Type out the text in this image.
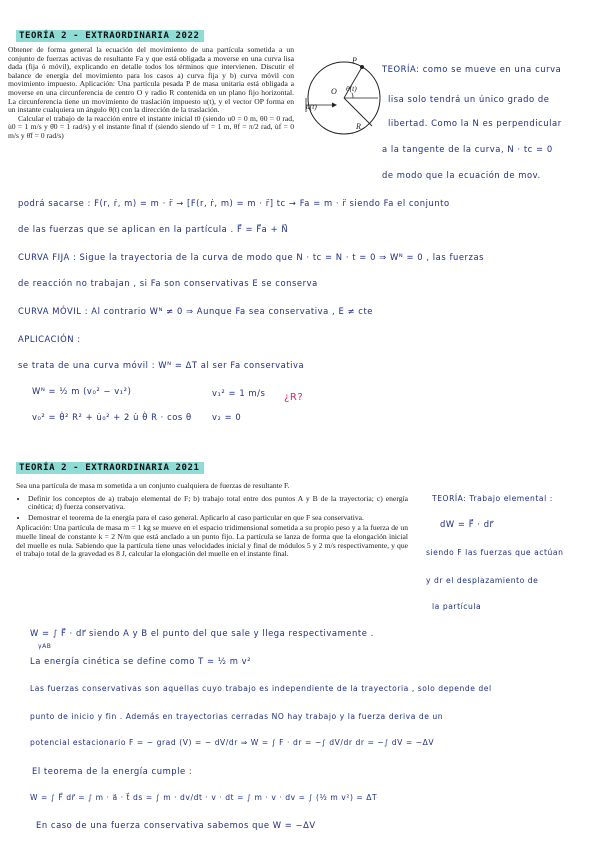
TEORÍA 2 - EXTRAORDINARIA 2022
Obtener de forma general la ecuación del movimiento de una partícula sometida a un conjunto de fuerzas activas de resultante Fa y que está obligada a moverse en una curva lisa dada (fija ó móvil), explicando en detalle todos los términos que intervienen. Discutir el balance de energía del movimiento para los casos a) curva fija y b) curva móvil con movimiento impuesto. Aplicación: Una partícula pesada P de masa unitaria está obligada a moverse en una circunferencia de centro O y radio R contenida en un plano fijo horizontal. La circunferencia tiene un movimiento de traslación impuesto u(t), y el vector OP forma en un instante cualquiera un ángulo θ(t) con la dirección de la traslación.
Calcular el trabajo de la reacción entre el instante inicial t0 (siendo u0 = 0 m, θ0 = 0 rad, u̇0 = 1 m/s y θ̇0 = 1 rad/s) y el instante final tf (siendo siendo uf = 1 m, θf = π/2 rad, u̇f = 0 m/s y θ̇f = 0 rad/s)
P
O θ(t)
u(t)
R
TEORÍA: como se mueve en una curva
lisa solo tendrá un único grado de
libertad. Como la N es perpendicular
a la tangente de la curva, N · tc = 0
de modo que la ecuación de mov.
podrá sacarse : F(r, ṙ, m) = m · r̈ → [F(r, ṙ, m) = m · r̈] tc → Fa = m · r̈ siendo Fa el conjunto
de las fuerzas que se aplican en la partícula . F⃗ = F⃗a + N⃗
CURVA FIJA : Sigue la trayectoria de la curva de modo que N · tc = N · t = 0 ⇒ Wᴺ = 0 , las fuerzas
de reacción no trabajan , si Fa son conservativas E se conserva
CURVA MÓVIL : Al contrario Wᴺ ≠ 0 ⇒ Aunque Fa sea conservativa , E ≠ cte
APLICACIÓN :
se trata de una curva móvil : Wᴺ = ΔT al ser Fa conservativa
Wᴺ = ½ m (v₀² − v₁²)	v₁² = 1 m/s ¿R?
v₀² = θ̇² R² + u̇₀² + 2 u̇ θ̇ R · cos θ v₂ = 0
TEORÍA 2 - EXTRAORDINARIA 2021
Sea una partícula de masa m sometida a un conjunto cualquiera de fuerzas de resultante F.
• Definir los conceptos de a) trabajo elemental de F; b) trabajo total entre dos puntos A y B de la trayectoria; c) energía cinética; d) fuerza conservativa.
• Demostrar el teorema de la energía para el caso general. Aplicarlo al caso particular en que F sea conservativa.
Aplicación: Una partícula de masa m = 1 kg se mueve en el espacio tridimensional sometida a su propio peso y a la fuerza de un muelle lineal de constante k = 2 N/m que está anclado a un punto fijo. La partícula se lanza de forma que la elongación inicial del muelle es nula. Sabiendo que la partícula tiene unas velocidades inicial y final de módulos 5 y 2 m/s respectivamente, y que el trabajo total de la gravedad es 8 J, calcular la elongación del muelle en el instante final.
TEORÍA: Trabajo elemental :
dW = F⃗ · dr⃗
siendo F las fuerzas que actúan
y dr el desplazamiento de
la partícula
W = ∫ F⃗ · dr⃗ siendo A y B el punto del que sale y llega respectivamente .
γAB
La energía cinética se define como T = ½ m v²
Las fuerzas conservativas son aquellas cuyo trabajo es independiente de la trayectoria , solo depende del
punto de inicio y fin . Además en trayectorias cerradas NO hay trabajo y la fuerza deriva de un
potencial estacionario F = − grad (V) = − dV/dr ⇒ W = ∫ F · dr = −∫ dV/dr dr = −∫ dV = −ΔV
El teorema de la energía cumple :
W = ∫ F⃗ dr⃗ = ∫ m · a⃗ · t⃗ ds = ∫ m · dv/dt · v · dt = ∫ m · v · dv = ∫ (½ m v²) = ΔT
En caso de una fuerza conservativa sabemos que W = −ΔV
